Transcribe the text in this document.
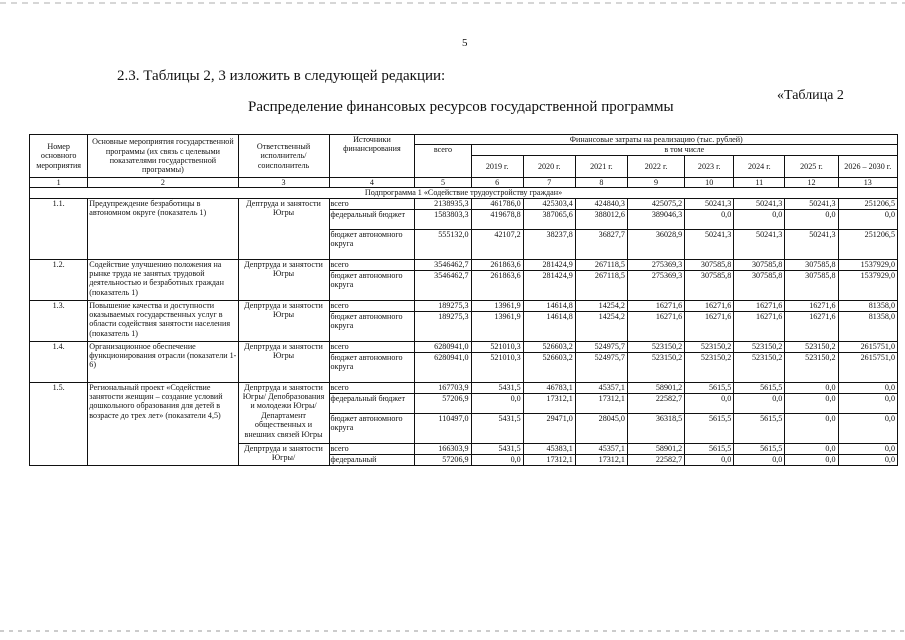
5
2.3. Таблицы 2, 3 изложить в следующей редакции:
«Таблица 2
Распределение финансовых ресурсов государственной программы
Номер основного мероприятия	Основные мероприятия государственной программы (их связь с целевыми показателями государственной программы)	Ответственный исполнитель/ соисполнитель	Источники финансирования	Финансовые затраты на реализацию (тыс. рублей)								
				всего	в том числе							
					2019 г.	2020 г.	2021 г.	2022 г.	2023 г.	2024 г.	2025 г.	2026 – 2030 г.
1	2	3	4	5	6	7	8	9	10	11	12	13
Подпрограмма 1 «Содействие трудоустройству граждан»												
1.1.	Предупреждение безработицы в автономном округе (показатель 1)	Дептруда и занятости Югры	всего	2138935,3	461786,0	425303,4	424840,3	425075,2	50241,3	50241,3	50241,3	251206,5
			федеральный бюджет	1583803,3	419678,8	387065,6	388012,6	389046,3	0,0	0,0	0,0	0,0
			бюджет автономного округа	555132,0	42107,2	38237,8	36827,7	36028,9	50241,3	50241,3	50241,3	251206,5
1.2.	Содействие улучшению положения на рынке труда не занятых трудовой деятельностью и безработных граждан (показатель 1)	Депртруда и занятости Югры	всего	3546462,7	261863,6	281424,9	267118,5	275369,3	307585,8	307585,8	307585,8	1537929,0
			бюджет автономного округа	3546462,7	261863,6	281424,9	267118,5	275369,3	307585,8	307585,8	307585,8	1537929,0
1.3.	Повышение качества и доступности оказываемых государственных услуг в области содействия занятости населения (показатель 1)	Депртруда и занятости Югры	всего	189275,3	13961,9	14614,8	14254,2	16271,6	16271,6	16271,6	16271,6	81358,0
			бюджет автономного округа	189275,3	13961,9	14614,8	14254,2	16271,6	16271,6	16271,6	16271,6	81358,0
1.4.	Организационное обеспечение функционирования отрасли (показатели 1-6)	Депртруда и занятости Югры	всего	6280941,0	521010,3	526603,2	524975,7	523150,2	523150,2	523150,2	523150,2	2615751,0
			бюджет автономного округа	6280941,0	521010,3	526603,2	524975,7	523150,2	523150,2	523150,2	523150,2	2615751,0
1.5.	Региональный проект «Содействие занятости женщин – создание условий дошкольного образования для детей в возрасте до трех лет» (показатели 4,5)	Депртруда и занятости Югры/ Депобразования и молодежи Югры/ Департамент общественных и внешних связей Югры	всего	167703,9	5431,5	46783,1	45357,1	58901,2	5615,5	5615,5	0,0	0,0
			федеральный бюджет	57206,9	0,0	17312,1	17312,1	22582,7	0,0	0,0	0,0	0,0
			бюджет автономного округа	110497,0	5431,5	29471,0	28045,0	36318,5	5615,5	5615,5	0,0	0,0
		Депртруда и занятости Югры/	всего	166303,9	5431,5	45383,1	45357,1	58901,2	5615,5	5615,5	0,0	0,0
			федеральный	57206,9	0,0	17312,1	17312,1	22582,7	0,0	0,0	0,0	0,0
